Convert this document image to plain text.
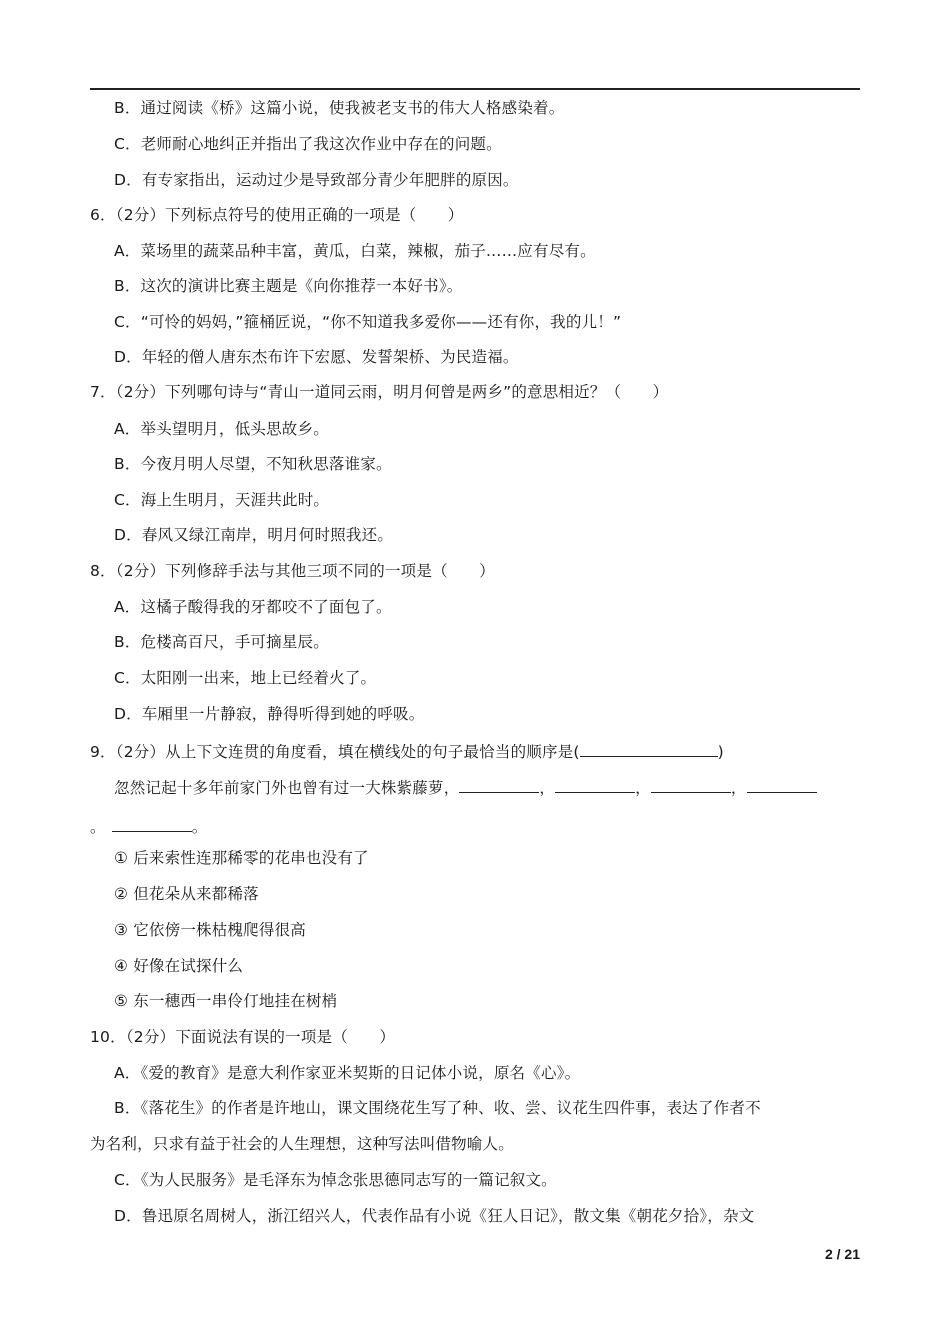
B．通过阅读《桥》这篇小说，使我被老支书的伟大人格感染着。
C．老师耐心地纠正并指出了我这次作业中存在的问题。
D．有专家指出，运动过少是导致部分青少年肥胖的原因。
6．（2分）下列标点符号的使用正确的一项是（　　）
A．菜场里的蔬菜品种丰富，黄瓜，白菜，辣椒，茄子……应有尽有。
B．这次的演讲比赛主题是《向你推荐一本好书》。
C．“可怜的妈妈，”箍桶匠说，“你不知道我多爱你——还有你，我的儿！”
D．年轻的僧人唐东杰布许下宏愿、发誓架桥、为民造福。
7．（2分）下列哪句诗与“青山一道同云雨，明月何曾是两乡”的意思相近？（　　）
A．举头望明月，低头思故乡。
B．今夜月明人尽望，不知秋思落谁家。
C．海上生明月，天涯共此时。
D．春风又绿江南岸，明月何时照我还。
8．（2分）下列修辞手法与其他三项不同的一项是（　　）
A．这橘子酸得我的牙都咬不了面包了。
B．危楼高百尺，手可摘星辰。
C．太阳刚一出来，地上已经着火了。
D．车厢里一片静寂，静得听得到她的呼吸。
9．（2分）从上下文连贯的角度看，填在横线处的句子最恰当的顺序是(	)
忽然记起十多年前家门外也曾有过一大株紫藤萝，	，	，	，
。	。
① 后来索性连那稀零的花串也没有了
② 但花朵从来都稀落
③ 它依傍一株枯槐爬得很高
④ 好像在试探什么
⑤ 东一穗西一串伶仃地挂在树梢
10．（2分）下面说法有误的一项是（　　）
A．《爱的教育》是意大利作家亚米契斯的日记体小说，原名《心》。
B．《落花生》的作者是许地山，课文围绕花生写了种、收、尝、议花生四件事，表达了作者不
为名利，只求有益于社会的人生理想，这种写法叫借物喻人。
C．《为人民服务》是毛泽东为悼念张思德同志写的一篇记叙文。
D．鲁迅原名周树人，浙江绍兴人，代表作品有小说《狂人日记》，散文集《朝花夕拾》，杂文
2 / 21
